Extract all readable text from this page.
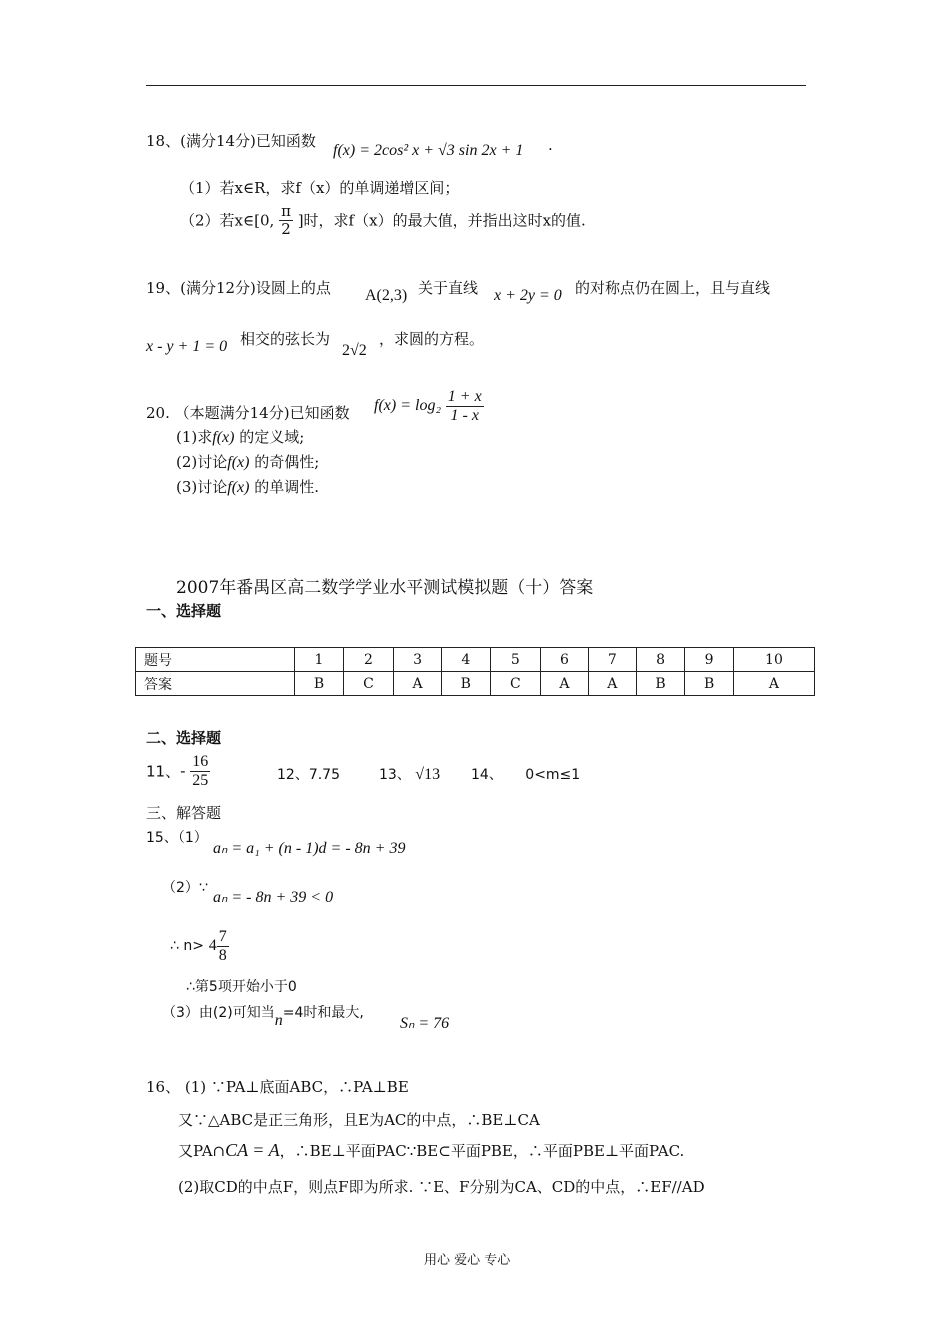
18、(满分14分)已知函数
f(x) = 2cos² x + √3 sin 2x + 1 .
（1）若x∈R，求f（x）的单调递增区间；
（2）若x∈[0, $\frac{\pi}{2}$ ]时，求f（x）的最大值，并指出这时x的值.
19、(满分12分)设圆上的点 A(2,3) 关于直线 x + 2y = 0 的对称点仍在圆上，且与直线
x - y + 1 = 0 相交的弦长为
2√2
，求圆的方程。
20. （本题满分14分)已知函数 $f(x) = \log_2 \frac{1 + x}{1 - x}$
(1)求f(x) 的定义域;
(2)讨论f(x) 的奇偶性;
(3)讨论f(x) 的单调性.
2007年番禺区高二数学学业水平测试模拟题（十）答案
一、选择题
题号	1	2	3	4	5	6	7	8	9	10
答案	B	C	A	B	C	A	A	B	B	A
二、选择题
11、- $\frac{16}{25}$	12、7.75	13、 √13 14、 0<m≤1
三、解答题
15、（1）
aₙ = a₁ + (n - 1)d = - 8n + 39
（2）∵
aₙ = - 8n + 39 < 0
∴ $n> 4 \frac{7}{8}$
∴第5项开始小于0
（3）由(2)可知当n=4时和最大,
Sₙ = 76
16、 (1) ∵PA⊥底面ABC，∴PA⊥BE
又∵△ABC是正三角形，且E为AC的中点，∴BE⊥CA
又PA∩CA = A，∴BE⊥平面PAC∵BE⊂平面PBE，∴平面PBE⊥平面PAC.
(2)取CD的中点F，则点F即为所求. ∵E、F分别为CA、CD的中点，∴EF//AD
用心 爱心 专心
